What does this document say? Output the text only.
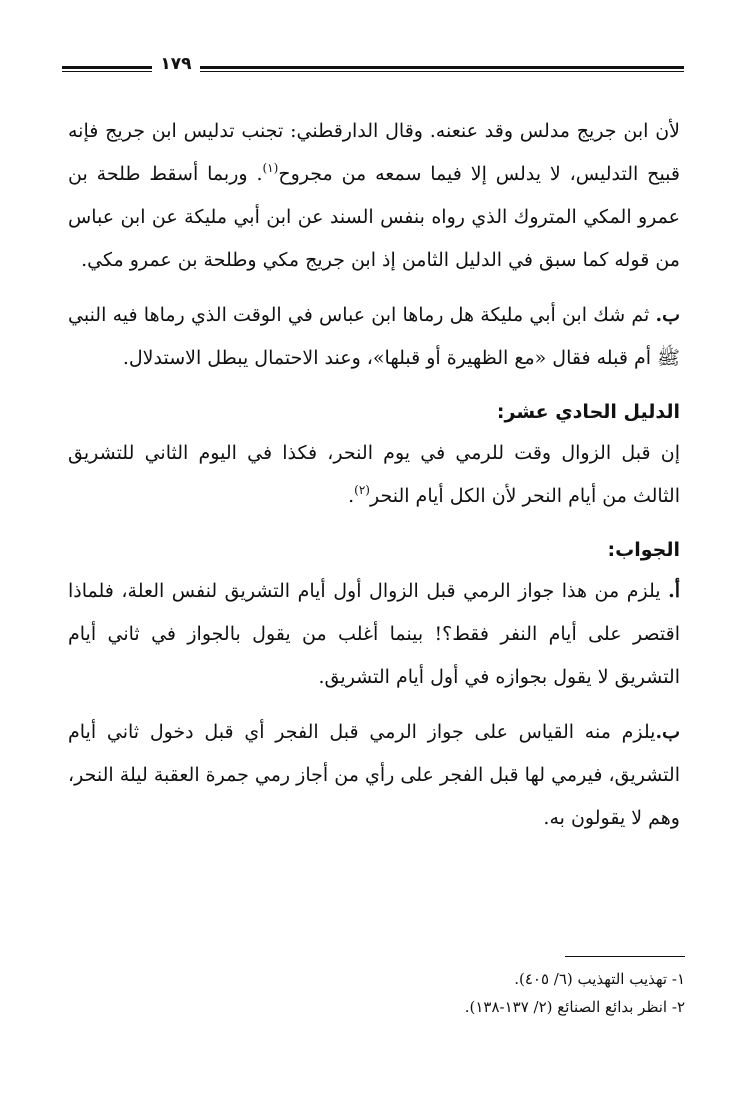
١٧٩

لأن ابن جريج مدلس وقد عنعنه. وقال الدارقطني: تجنب تدليس ابن جريج فإنه قبيح التدليس، لا يدلس إلا فيما سمعه من مجروح$^{(١)}$. وربما أسقط طلحة بن عمرو المكي المتروك الذي رواه بنفس السند عن ابن أبي مليكة عن ابن عباس من قوله كما سبق في الدليل الثامن إذ ابن جريج مكي وطلحة بن عمرو مكي.

ب. ثم شك ابن أبي مليكة هل رماها ابن عباس في الوقت الذي رماها فيه النبي ﷺ أم قبله فقال «مع الظهيرة أو قبلها»، وعند الاحتمال يبطل الاستدلال.

الدليل الحادي عشر:

إن قبل الزوال وقت للرمي في يوم النحر، فكذا في اليوم الثاني للتشريق الثالث من أيام النحر لأن الكل أيام النحر$^{(٢)}$.

الجواب:

أ. يلزم من هذا جواز الرمي قبل الزوال أول أيام التشريق لنفس العلة، فلماذا اقتصر على أيام النفر فقط؟! بينما أغلب من يقول بالجواز في ثاني أيام التشريق لا يقول بجوازه في أول أيام التشريق.

ب.يلزم منه القياس على جواز الرمي قبل الفجر أي قبل دخول ثاني أيام التشريق، فيرمي لها قبل الفجر على رأي من أجاز رمي جمرة العقبة ليلة النحر، وهم لا يقولون به.

١- تهذيب التهذيب (٦/ ٤٠٥).
٢- انظر بدائع الصنائع (٢/ ١٣٧-١٣٨).
